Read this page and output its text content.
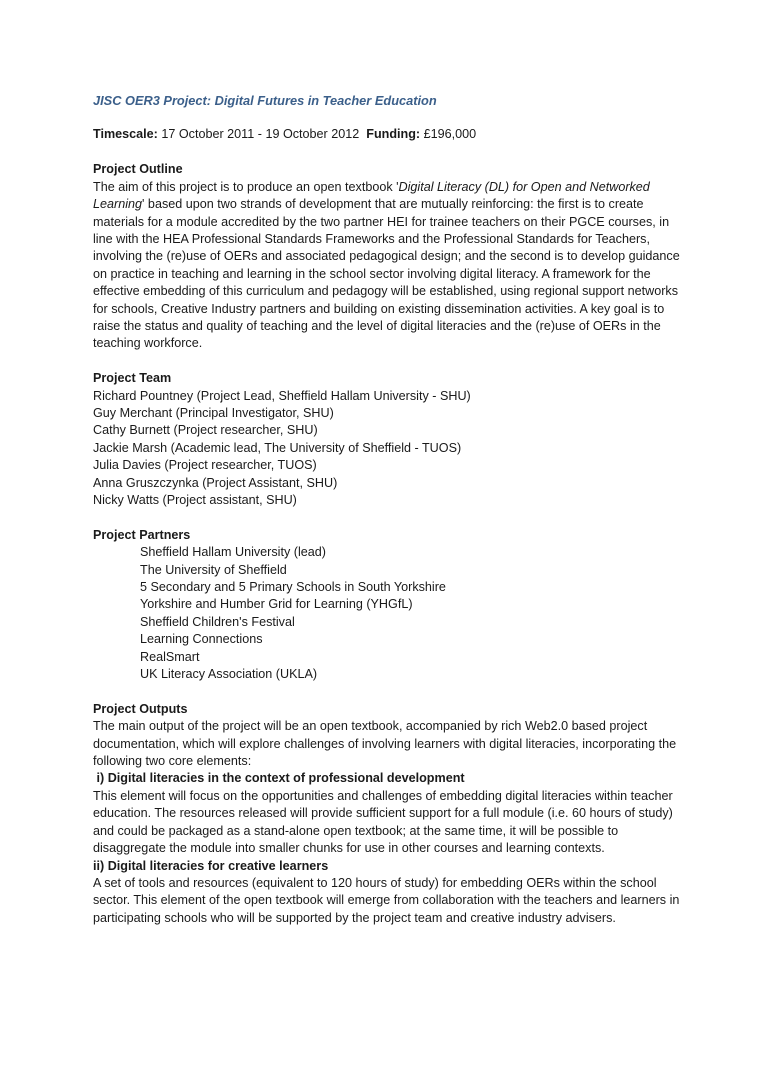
JISC OER3 Project: Digital Futures in Teacher Education
Timescale: 17 October 2011 - 19 October 2012  Funding: £196,000
Project Outline
The aim of this project is to produce an open textbook 'Digital Literacy (DL) for Open and Networked Learning' based upon two strands of development that are mutually reinforcing: the first is to create materials for a module accredited by the two partner HEI for trainee teachers on their PGCE courses, in line with the HEA Professional Standards Frameworks and the Professional Standards for Teachers, involving the (re)use of OERs and associated pedagogical design; and the second is to develop guidance on practice in teaching and learning in the school sector involving digital literacy. A framework for the effective embedding of this curriculum and pedagogy will be established, using regional support networks for schools, Creative Industry partners and building on existing dissemination activities. A key goal is to raise the status and quality of teaching and the level of digital literacies and the (re)use of OERs in the teaching workforce.
Project Team
Richard Pountney (Project Lead, Sheffield Hallam University - SHU)
Guy Merchant (Principal Investigator, SHU)
Cathy Burnett (Project researcher, SHU)
Jackie Marsh (Academic lead, The University of Sheffield - TUOS)
Julia Davies (Project researcher, TUOS)
Anna Gruszczynka (Project Assistant, SHU)
Nicky Watts (Project assistant, SHU)
Project Partners
Sheffield Hallam University (lead)
The University of Sheffield
5 Secondary and 5 Primary Schools in South Yorkshire
Yorkshire and Humber Grid for Learning (YHGfL)
Sheffield Children's Festival
Learning Connections
RealSmart
UK Literacy Association (UKLA)
Project Outputs
The main output of the project will be an open textbook, accompanied by rich Web2.0 based project documentation, which will explore challenges of involving learners with digital literacies, incorporating the following two core elements:
i) Digital literacies in the context of professional development
This element will focus on the opportunities and challenges of embedding digital literacies within teacher education. The resources released will provide sufficient support for a full module (i.e. 60 hours of study) and could be packaged as a stand-alone open textbook; at the same time, it will be possible to disaggregate the module into smaller chunks for use in other courses and learning contexts.
ii) Digital literacies for creative learners
A set of tools and resources (equivalent to 120 hours of study) for embedding OERs within the school sector. This element of the open textbook will emerge from collaboration with the teachers and learners in participating schools who will be supported by the project team and creative industry advisers.
